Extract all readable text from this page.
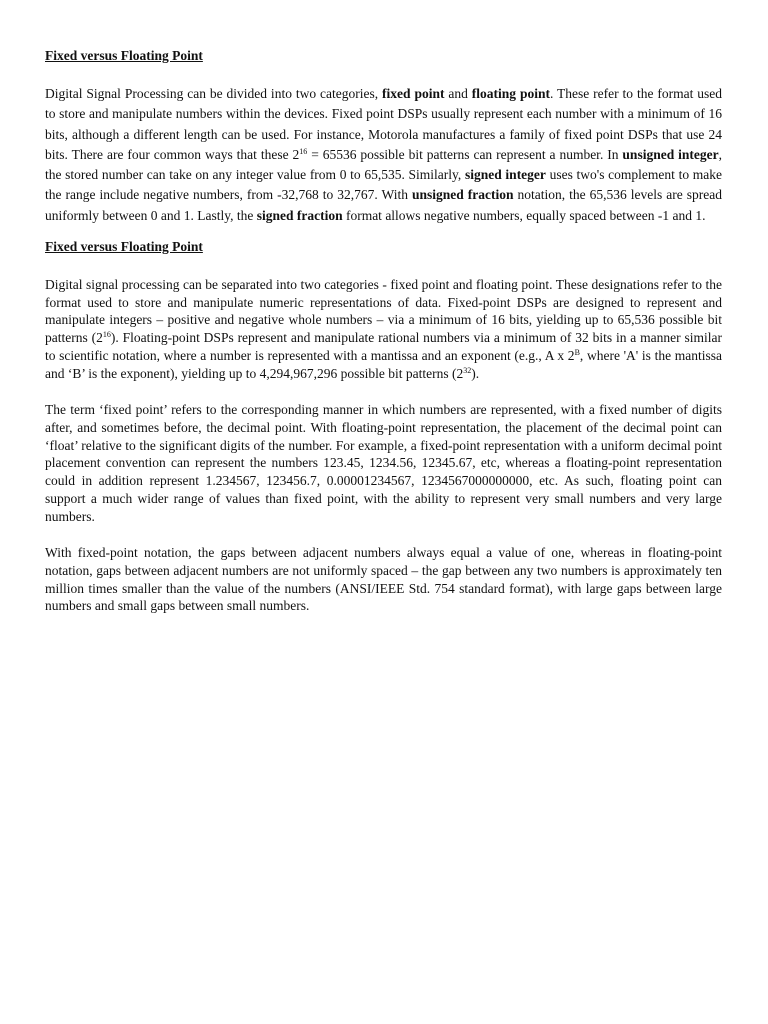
Fixed versus Floating Point

Digital Signal Processing can be divided into two categories, fixed point and floating point. These refer to the format used to store and manipulate numbers within the devices. Fixed point DSPs usually represent each number with a minimum of 16 bits, although a different length can be used. For instance, Motorola manufactures a family of fixed point DSPs that use 24 bits. There are four common ways that these $2^{16} = 65536$ possible bit patterns can represent a number. In unsigned integer, the stored number can take on any integer value from 0 to 65,535. Similarly, signed integer uses two's complement to make the range include negative numbers, from -32,768 to 32,767. With unsigned fraction notation, the 65,536 levels are spread uniformly between 0 and 1. Lastly, the signed fraction format allows negative numbers, equally spaced between -1 and 1.

Fixed versus Floating Point

Digital signal processing can be separated into two categories - fixed point and floating point. These designations refer to the format used to store and manipulate numeric representations of data. Fixed-point DSPs are designed to represent and manipulate integers – positive and negative whole numbers – via a minimum of 16 bits, yielding up to 65,536 possible bit patterns $(2^{16})$. Floating-point DSPs represent and manipulate rational numbers via a minimum of 32 bits in a manner similar to scientific notation, where a number is represented with a mantissa and an exponent (e.g., A x $2^B$, where 'A' is the mantissa and ‘B’ is the exponent), yielding up to 4,294,967,296 possible bit patterns $(2^{32})$.

The term ‘fixed point’ refers to the corresponding manner in which numbers are represented, with a fixed number of digits after, and sometimes before, the decimal point. With floating-point representation, the placement of the decimal point can ‘float’ relative to the significant digits of the number. For example, a fixed-point representation with a uniform decimal point placement convention can represent the numbers 123.45, 1234.56, 12345.67, etc, whereas a floating-point representation could in addition represent 1.234567, 123456.7, 0.00001234567, 1234567000000000, etc. As such, floating point can support a much wider range of values than fixed point, with the ability to represent very small numbers and very large numbers.

With fixed-point notation, the gaps between adjacent numbers always equal a value of one, whereas in floating-point notation, gaps between adjacent numbers are not uniformly spaced – the gap between any two numbers is approximately ten million times smaller than the value of the numbers (ANSI/IEEE Std. 754 standard format), with large gaps between large numbers and small gaps between small numbers.
